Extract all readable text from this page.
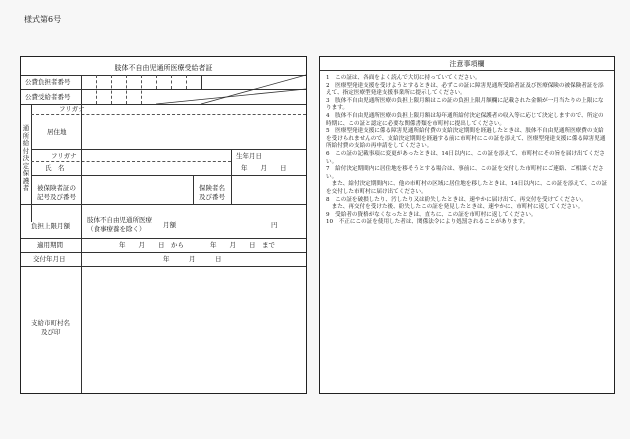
様式第6号
肢体不自由児通所医療受給者証
公費負担者番号
公費受給者番号
通所給付決定保護者
フリガナ
居住地
フリガナ	生年月日
氏　名	年　　月　　日
被保険者証の
記号及び番号
保険者名
及び番号
負担上限月額
肢体不自由児通所医療
（食事療養を除く）	月額	円
適用期間	年　　月　　日　から　　　　年　　月　　日　まで
交付年月日	年　　　月　　　日
支給市町村名
及び印
注意事項欄
1　この証は、各面をよく読んで大切に持っていてください。
2　医療型発達支援を受けようとするときは、必ずこの証に障害児通所受給者証及び医療保険の被保険者証を添えて、指定医療型発達支援事業所に提示してください。
3　肢体不自由児通所医療の負担上限月額はこの証の負担上限月額欄に記載された金額が一月当たりの上限になります。
4　肢体不自由児通所医療の負担上限月額は毎年通所給付決定保護者の収入等に応じて決定しますので、所定の時期に、この証と認定に必要な関係書類を市町村に提出してください。
5　医療型発達支援に係る障害児通所給付費の支給決定期間を経過したときは、肢体不自由児通所医療費の支給を受けられませんので、支給決定期間を経過する前に市町村にこの証を添えて、医療型発達支援に係る障害児通所給付費の支給の再申請をしてください。
6　この証の記載事項に変更があったときは、14日以内に、この証を添えて、市町村にその旨を届け出てください。
7　給付決定期間内に居住地を移そうとする場合は、事前に、この証を交付した市町村にご連絡、ご相談ください。
　また、給付決定期間内に、他の市町村の区域に居住地を移したときは、14日以内に、この証を添えて、この証を交付した市町村に届け出てください。
8　この証を破損したり、汚したり又は紛失したときは、速やかに届け出て、再交付を受けてください。
　また、再交付を受けた後、紛失したこの証を発見したときは、速やかに、市町村に返してください。
9　受給者の資格がなくなったときは、直ちに、この証を市町村に返してください。
10　不正にこの証を使用した者は、関係法令により処罰されることがあります。
